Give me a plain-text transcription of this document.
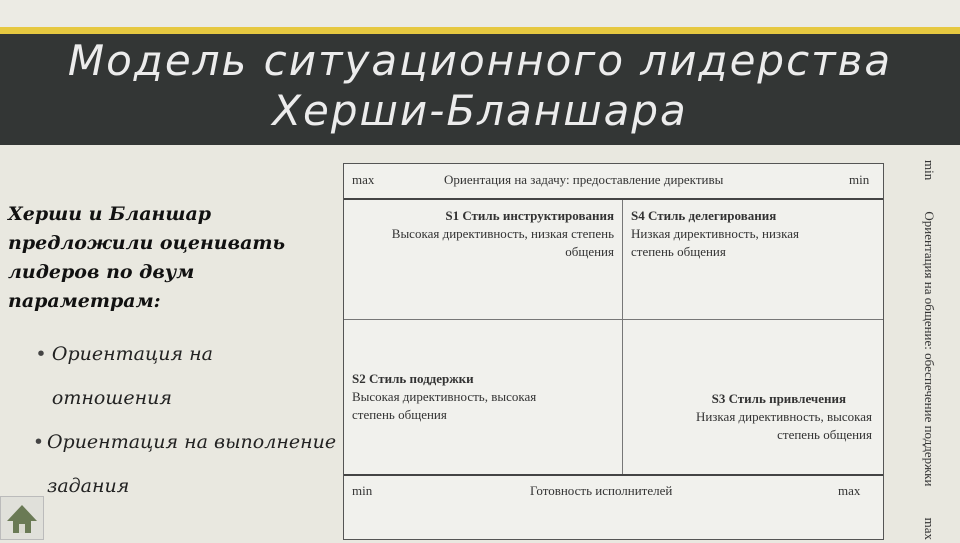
Модель ситуационного лидерства
Херши-Бланшара
Херши и Бланшар предложили оценивать лидеров по двум параметрам:
• Ориентация на отношения
• Ориентация на выполнение задания
max	Ориентация на задачу: предоставление директивы	min
S1 Стиль инструктирования
Высокая директивность, низкая степень общения
S4 Стиль делегирования
Низкая директивность, низкая степень общения
S2 Стиль поддержки
Высокая директивность, высокая степень общения
S3 Стиль привлечения
Низкая директивность, высокая степень общения
min	Готовность исполнителей	max
min
Ориентация на общение: обеспечение поддержки
max
